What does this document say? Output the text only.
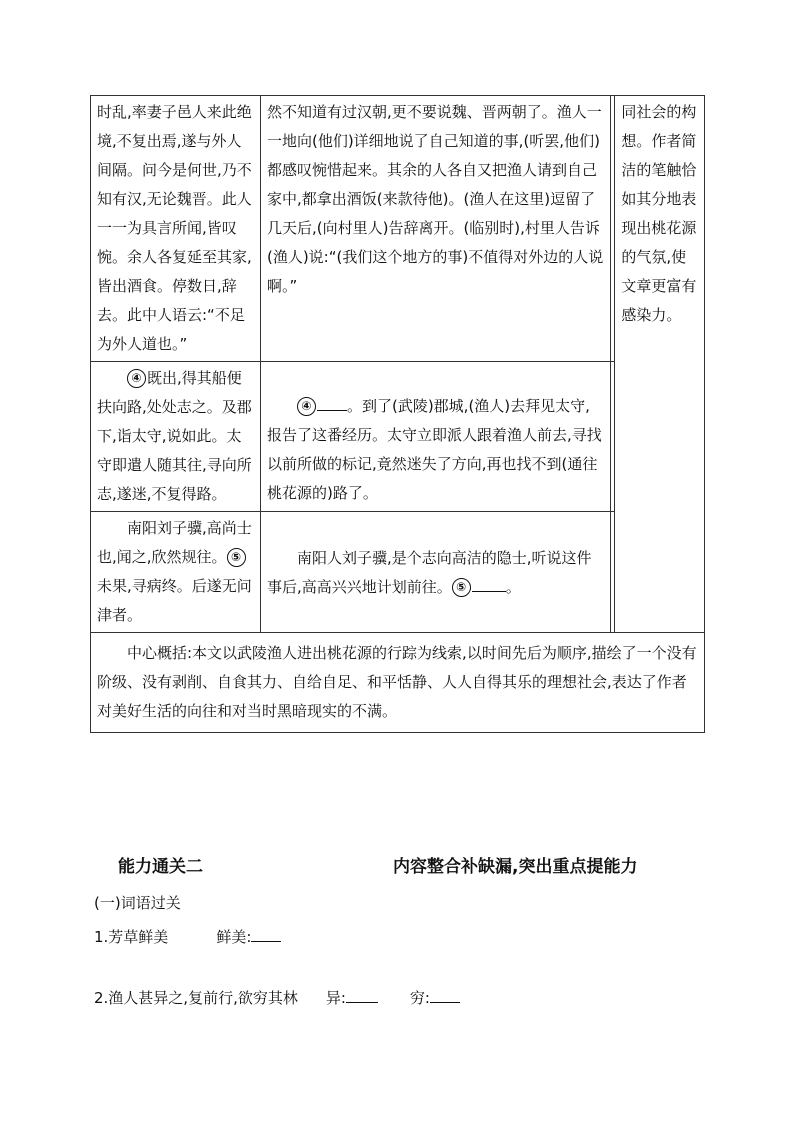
时乱,率妻子邑人来此绝境,不复出焉,遂与外人间隔。问今是何世,乃不知有汉,无论魏晋。此人一一为具言所闻,皆叹惋。余人各复延至其家,皆出酒食。停数日,辞去。此中人语云:“不足为外人道也。”	然不知道有过汉朝,更不要说魏、晋两朝了。渔人一一地向(他们)详细地说了自己知道的事,(听罢,他们)都感叹惋惜起来。其余的人各自又把渔人请到自己家中,都拿出酒饭(来款待他)。(渔人在这里)逗留了几天后,(向村里人)告辞离开。(临别时),村里人告诉(渔人)说:“(我们这个地方的事)不值得对外边的人说啊。”		同社会的构想。作者简洁的笔触恰如其分地表现出桃花源的气氛,使文章更富有感染力。
④ 既出,得其船便扶向路,处处志之。及郡下,诣太守,说如此。太守即遣人随其往,寻向所志,遂迷,不复得路。	④ 。到了(武陵)郡城,(渔人)去拜见太守,报告了这番经历。太守立即派人跟着渔人前去,寻找以前所做的标记,竟然迷失了方向,再也找不到(通往桃花源的)路了。		
南阳刘子骥,高尚士也,闻之,欣然规往。 ⑤未果,寻病终。后遂无问津者。	南阳人刘子骥,是个志向高洁的隐士,听说这件事后,高高兴兴地计划前往。 ⑤ 。		
中心概括:本文以武陵渔人进出桃花源的行踪为线索,以时间先后为顺序,描绘了一个没有阶级、没有剥削、自食其力、自给自足、和平恬静、人人自得其乐的理想社会,表达了作者对美好生活的向往和对当时黑暗现实的不满。			
能力通关二	内容整合补缺漏,突出重点提能力
(一)词语过关
1.芳草鲜美	鲜美:
2.渔人甚异之,复前行,欲穷其林 异:	穷:
